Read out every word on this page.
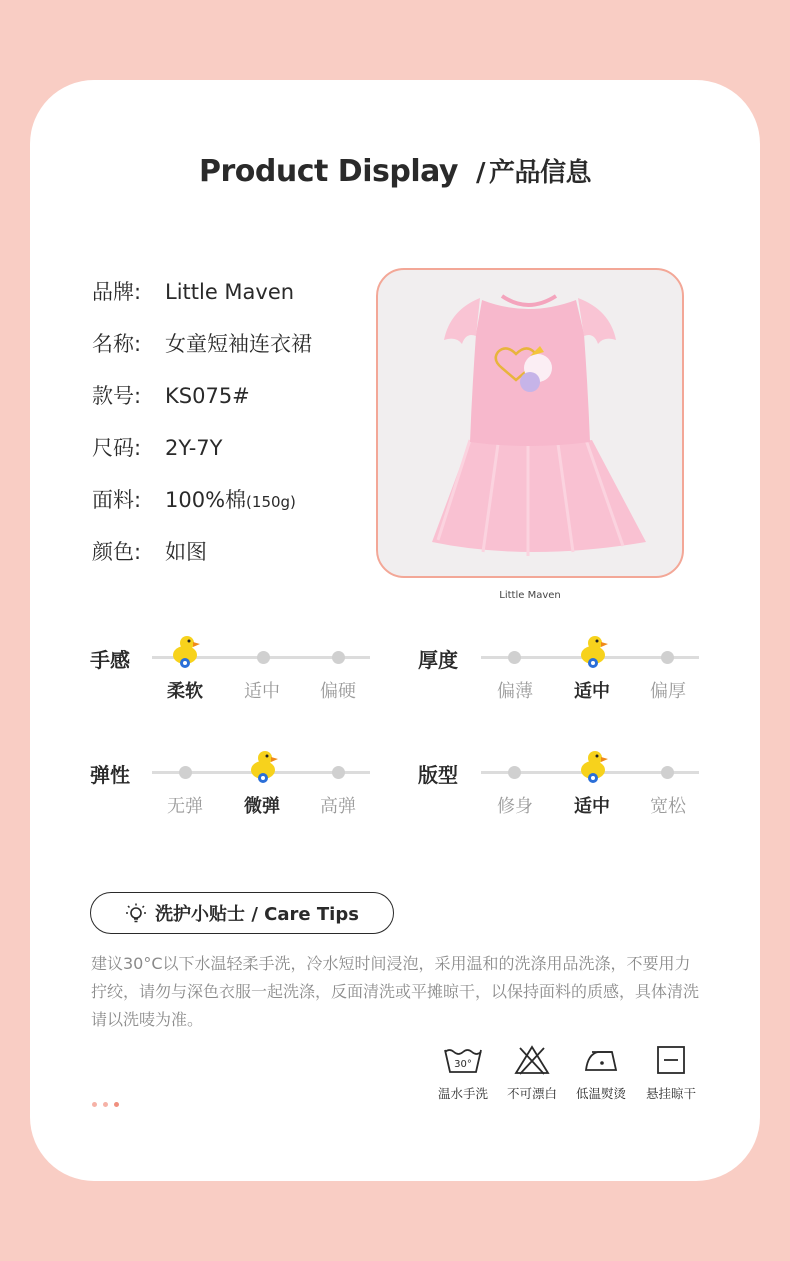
Product Display / 产品信息
品牌: Little Maven
名称: 女童短袖连衣裙
款号: KS075#
尺码: 2Y-7Y
面料: 100%棉(150g)
颜色: 如图
Little Maven
手感
柔软	适中	偏硬
厚度
偏薄	适中	偏厚
弹性
无弹	微弹	高弹
版型
修身	适中	宽松
洗护小贴士 / Care Tips
建议30°C以下水温轻柔手洗，冷水短时间浸泡，采用温和的洗涤用品洗涤，不要用力拧绞，请勿与深色衣服一起洗涤，反面清洗或平摊晾干，以保持面料的质感，具体清洗请以洗唛为准。
30°
温水手洗	不可漂白	低温熨烫	悬挂晾干
